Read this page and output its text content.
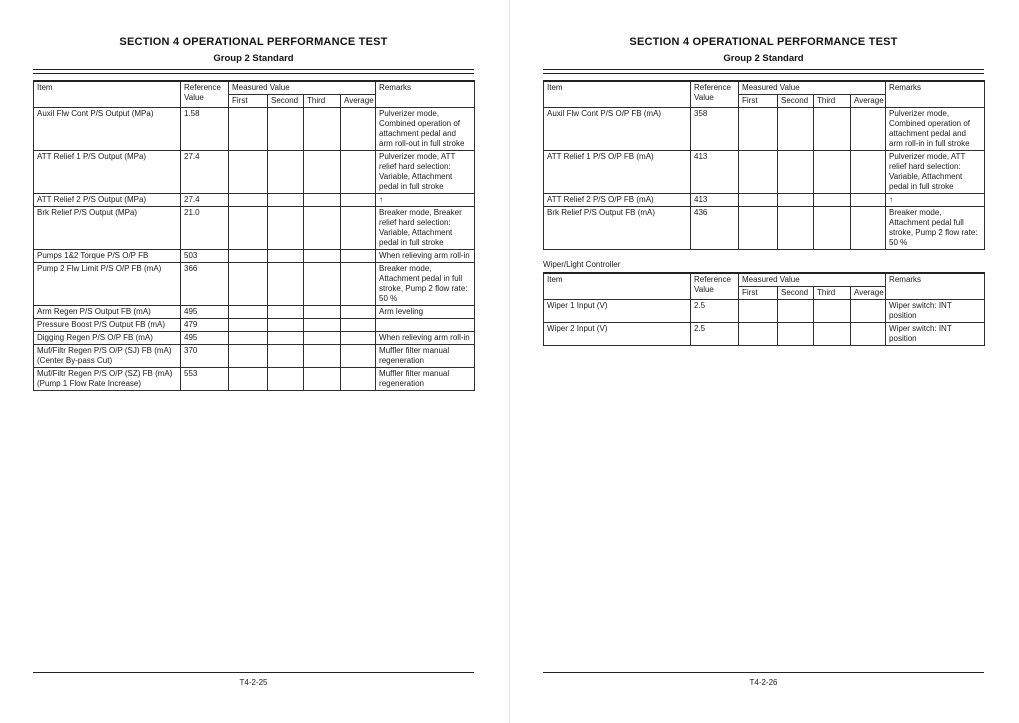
SECTION 4 OPERATIONAL PERFORMANCE TEST
Group 2 Standard
Item	Reference Value	Measured Value				Remarks
		First	Second	Third	Average	
Auxil Flw Cont P/S Output (MPa)	1.58					Pulverizer mode, Combined operation of attachment pedal and arm roll-out in full stroke
ATT Relief 1 P/S Output (MPa)	27.4					Pulverizer mode, ATT relief hard selection: Variable, Attachment pedal in full stroke
ATT Relief 2 P/S Output (MPa)	27.4					↑
Brk Relief P/S Output (MPa)	21.0					Breaker mode, Breaker relief hard selection: Variable, Attachment pedal in full stroke
Pumps 1&2 Torque P/S O/P FB	503					When relieving arm roll-in
Pump 2 Flw Limit P/S O/P FB (mA)	366					Breaker mode, Attachment pedal in full stroke, Pump 2 flow rate: 50 %
Arm Regen P/S Output FB (mA)	495					Arm leveling
Pressure Boost P/S Output FB (mA)	479					
Digging Regen P/S O/P FB (mA)	495					When relieving arm roll-in
Muf/Filtr Regen P/S O/P (SJ) FB (mA) (Center By-pass Cut)	370					Muffler filter manual regeneration
Muf/Filtr Regen P/S O/P (SZ) FB (mA) (Pump 1 Flow Rate Increase)	553					Muffler filter manual regeneration
T4-2-25
SECTION 4 OPERATIONAL PERFORMANCE TEST
Group 2 Standard
Item	Reference Value	Measured Value				Remarks
		First	Second	Third	Average	
Auxil Flw Cont P/S O/P FB (mA)	358					Pulverizer mode, Combined operation of attachment pedal and arm roll-in in full stroke
ATT Relief 1 P/S O/P FB (mA)	413					Pulverizer mode, ATT relief hard selection: Variable, Attachment pedal in full stroke
ATT Relief 2 P/S O/P FB (mA)	413					↑
Brk Relief P/S Output FB (mA)	436					Breaker mode, Attachment pedal full stroke, Pump 2 flow rate: 50 %
Wiper/Light Controller
Item	Reference Value	Measured Value				Remarks
		First	Second	Third	Average	
Wiper 1 Input (V)	2.5					Wiper switch: INT position
Wiper 2 Input (V)	2.5					Wiper switch: INT position
T4-2-26
